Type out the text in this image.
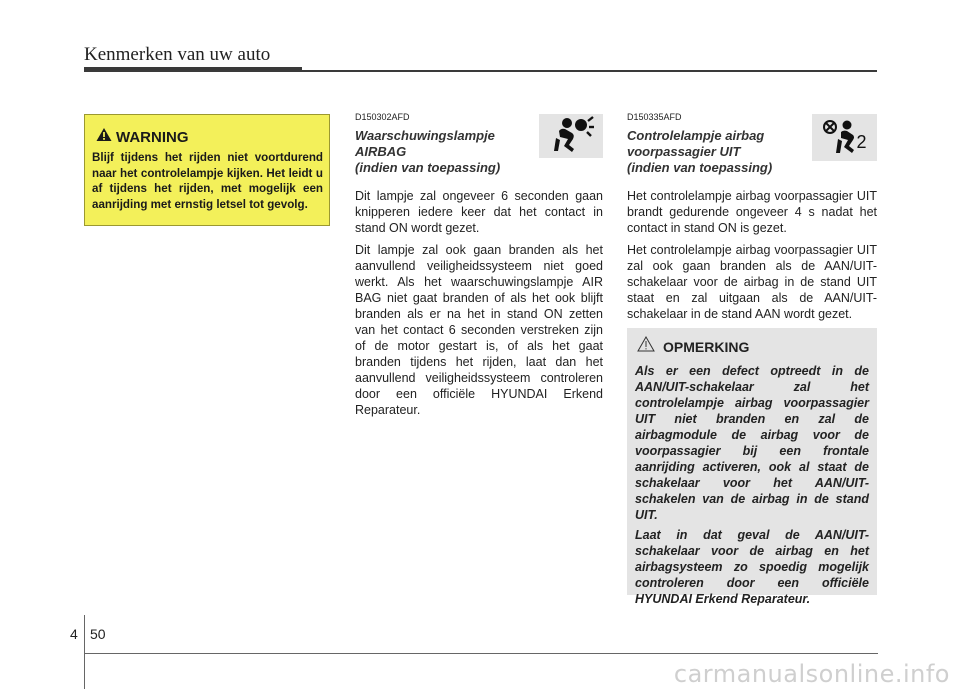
Kenmerken van uw auto
WARNING
Blijf tijdens het rijden niet voortdurend naar het controlelampje kijken. Het leidt u af tijdens het rijden, met mogelijk een aanrijding met ernstig letsel tot gevolg.
D150302AFD
Waarschuwingslampje
AIRBAG
(indien van toepassing)

Dit lampje zal ongeveer 6 seconden gaan knipperen iedere keer dat het contact in stand ON wordt gezet.

Dit lampje zal ook gaan branden als het aanvullend veiligheidssysteem niet goed werkt. Als het waarschuwingslampje AIR BAG niet gaat branden of als het ook blijft branden als er na het in stand ON zetten van het contact 6 seconden verstreken zijn of de motor gestart is, of als het gaat branden tijdens het rijden, laat dan het aanvullend veiligheidssysteem controleren door een officiële HYUNDAI Erkend Reparateur.

D150335AFD
Controlelampje airbag
voorpassagier UIT
(indien van toepassing)

Het controlelampje airbag voorpassagier UIT brandt gedurende ongeveer 4 s nadat het contact in stand ON is gezet.

Het controlelampje airbag voorpassagier UIT zal ook gaan branden als de AAN/UIT-schakelaar voor de airbag in de stand UIT staat en zal uitgaan als de AAN/UIT-schakelaar in de stand AAN wordt gezet.

2
OPMERKING

Als er een defect optreedt in de AAN/UIT-schakelaar zal het controlelampje airbag voorpassagier UIT niet branden en zal de airbagmodule de airbag voor de voorpassagier bij een frontale aanrijding activeren, ook al staat de schakelaar voor het AAN/UIT-schakelen van de airbag in de stand UIT.

Laat in dat geval de AAN/UIT-schakelaar voor de airbag en het airbagsysteem zo spoedig mogelijk controleren door een officiële HYUNDAI Erkend Reparateur.

4 50
carmanualsonline.info
